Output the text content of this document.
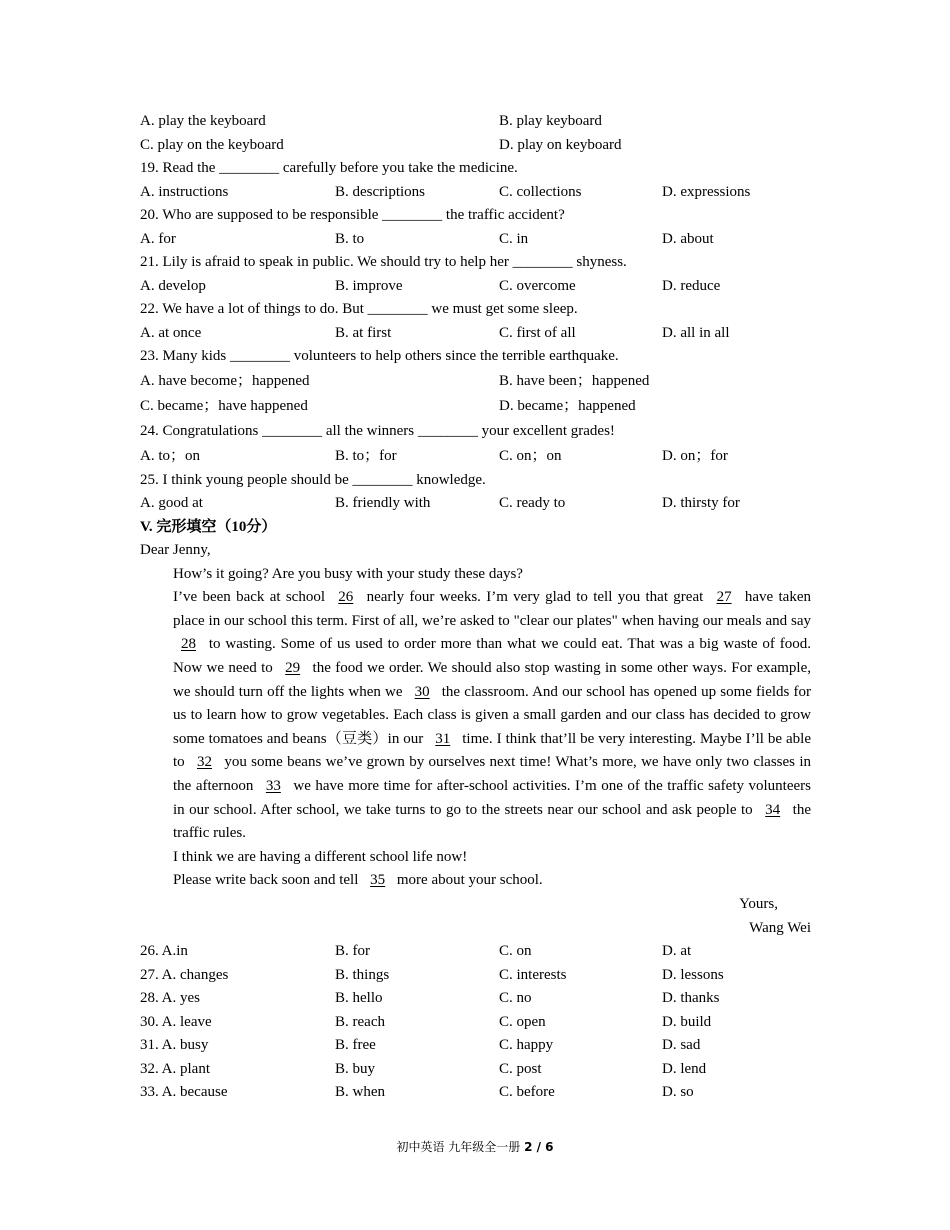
A. play the keyboard	B. play keyboard
C. play on the keyboard	D. play on keyboard
19. Read the ________ carefully before you take the medicine.
A. instructions	B. descriptions	C. collections	D. expressions
20. Who are supposed to be responsible ________ the traffic accident?
A. for	B. to	C. in	D. about
21. Lily is afraid to speak in public. We should try to help her ________ shyness.
A. develop	B. improve	C. overcome	D. reduce
22. We have a lot of things to do. But ________ we must get some sleep.
A. at once	B. at first	C. first of all	D. all in all
23. Many kids ________ volunteers to help others since the terrible earthquake.
A. have become；happened	B. have been；happened
C. became；have happened	D. became；happened
24. Congratulations ________ all the winners ________ your excellent grades!
A. to；on	B. to；for	C. on；on	D. on；for
25. I think young people should be ________ knowledge.
A. good at	B. friendly with	C. ready to	D. thirsty for
V. 完形填空（10分）

Dear Jenny,

How’s it going? Are you busy with your study these days?

I’ve been back at school 26 nearly four weeks. I’m very glad to tell you that great 27 have taken place in our school this term. First of all, we’re asked to "clear our plates" when having our meals and say 28 to wasting. Some of us used to order more than what we could eat. That was a big waste of food. Now we need to 29 the food we order. We should also stop wasting in some other ways. For example, we should turn off the lights when we 30 the classroom. And our school has opened up some fields for us to learn how to grow vegetables. Each class is given a small garden and our class has decided to grow some tomatoes and beans（豆类）in our 31 time. I think that’ll be very interesting. Maybe I’ll be able to 32 you some beans we’ve grown by ourselves next time! What’s more, we have only two classes in the afternoon 33 we have more time for after-school activities. I’m one of the traffic safety volunteers in our school. After school, we take turns to go to the streets near our school and ask people to 34 the traffic rules.

I think we are having a different school life now!

Please write back soon and tell 35 more about your school.

Yours,
Wang Wei
26. A.in	B. for	C. on	D. at
27. A. changes	B. things	C. interests	D. lessons
28. A. yes	B. hello	C. no	D. thanks
30. A. leave	B. reach	C. open	D. build
31. A. busy	B. free	C. happy	D. sad
32. A. plant	B. buy	C. post	D. lend
33. A. because	B. when	C. before	D. so
初中英语 九年级全一册 2 / 6
